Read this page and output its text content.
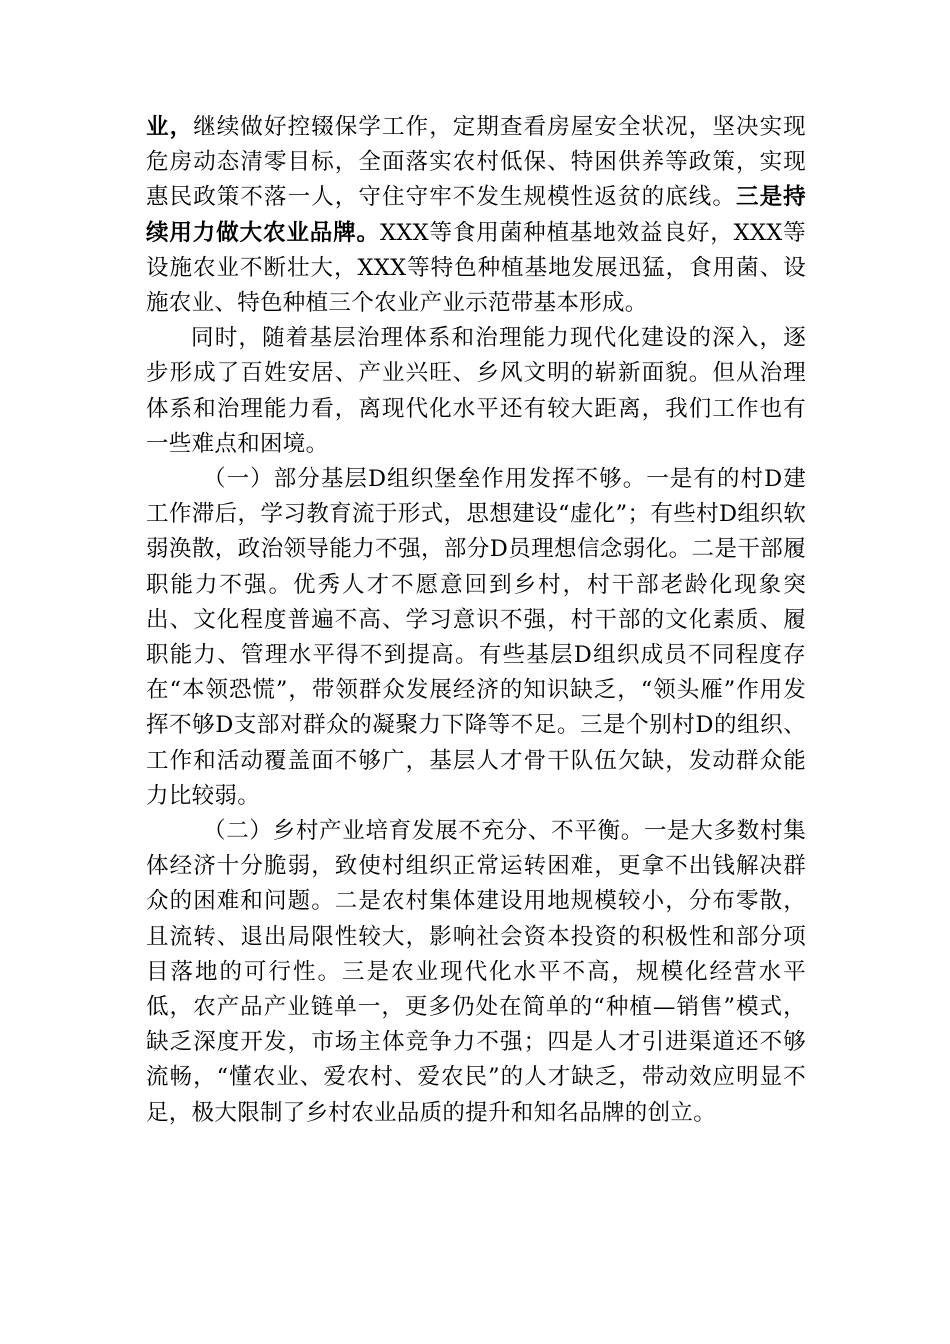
业，继续做好控辍保学工作，定期查看房屋安全状况，坚决实现危房动态清零目标，全面落实农村低保、特困供养等政策，实现惠民政策不落一人，守住守牢不发生规模性返贫的底线。三是持续用力做大农业品牌。XXX等食用菌种植基地效益良好，XXX等设施农业不断壮大，XXX等特色种植基地发展迅猛，食用菌、设施农业、特色种植三个农业产业示范带基本形成。

同时，随着基层治理体系和治理能力现代化建设的深入，逐步形成了百姓安居、产业兴旺、乡风文明的崭新面貌。但从治理体系和治理能力看，离现代化水平还有较大距离，我们工作也有一些难点和困境。

（一）部分基层D组织堡垒作用发挥不够。一是有的村D建工作滞后，学习教育流于形式，思想建设“虚化”；有些村D组织软弱涣散，政治领导能力不强，部分D员理想信念弱化。二是干部履职能力不强。优秀人才不愿意回到乡村，村干部老龄化现象突出、文化程度普遍不高、学习意识不强，村干部的文化素质、履职能力、管理水平得不到提高。有些基层D组织成员不同程度存在“本领恐慌”，带领群众发展经济的知识缺乏，“领头雁”作用发挥不够D支部对群众的凝聚力下降等不足。三是个别村D的组织、工作和活动覆盖面不够广，基层人才骨干队伍欠缺，发动群众能力比较弱。

（二）乡村产业培育发展不充分、不平衡。一是大多数村集体经济十分脆弱，致使村组织正常运转困难，更拿不出钱解决群众的困难和问题。二是农村集体建设用地规模较小，分布零散，且流转、退出局限性较大，影响社会资本投资的积极性和部分项目落地的可行性。三是农业现代化水平不高，规模化经营水平低，农产品产业链单一，更多仍处在简单的“种植—销售”模式，缺乏深度开发，市场主体竞争力不强；四是人才引进渠道还不够流畅，“懂农业、爱农村、爱农民”的人才缺乏，带动效应明显不足，极大限制了乡村农业品质的提升和知名品牌的创立。
